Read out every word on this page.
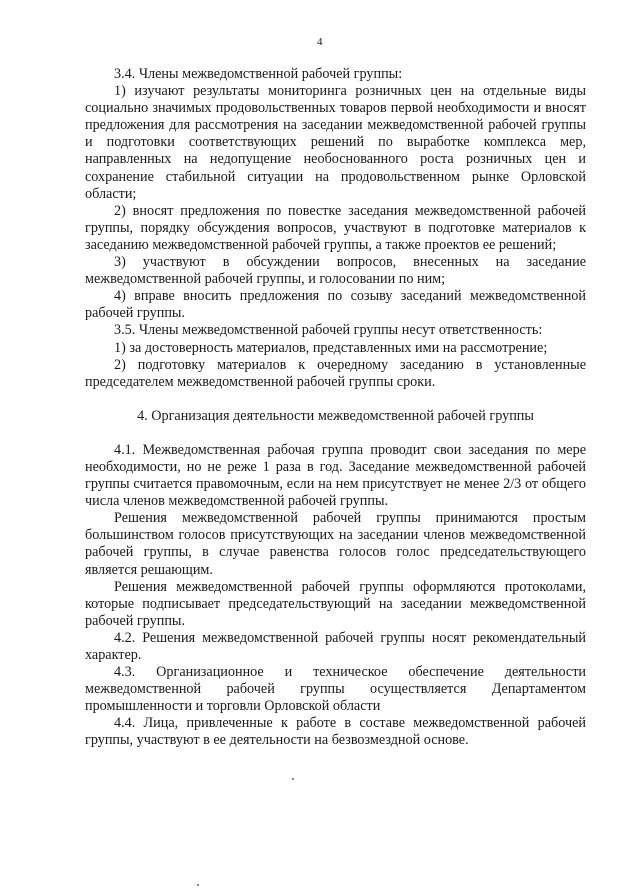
4

3.4. Члены межведомственной рабочей группы:

1) изучают результаты мониторинга розничных цен на отдельные виды социально значимых продовольственных товаров первой необходимости и вносят предложения для рассмотрения на заседании межведомственной рабочей группы и подготовки соответствующих решений по выработке комплекса мер, направленных на недопущение необоснованного роста розничных цен и сохранение стабильной ситуации на продовольственном рынке Орловской области;

2) вносят предложения по повестке заседания межведомственной рабочей группы, порядку обсуждения вопросов, участвуют в подготовке материалов к заседанию межведомственной рабочей группы, а также проектов ее решений;

3) участвуют в обсуждении вопросов, внесенных на заседание межведомственной рабочей группы, и голосовании по ним;

4) вправе вносить предложения по созыву заседаний межведомственной рабочей группы.

3.5. Члены межведомственной рабочей группы несут ответственность:

1) за достоверность материалов, представленных ими на рассмотрение;

2) подготовку материалов к очередному заседанию в установленные председателем межведомственной рабочей группы сроки.

4. Организация деятельности межведомственной рабочей группы

4.1. Межведомственная рабочая группа проводит свои заседания по мере необходимости, но не реже 1 раза в год. Заседание межведомственной рабочей группы считается правомочным, если на нем присутствует не менее 2/3 от общего числа членов межведомственной рабочей группы.

Решения межведомственной рабочей группы принимаются простым большинством голосов присутствующих на заседании членов межведомственной рабочей группы, в случае равенства голосов голос председательствующего является решающим.

Решения межведомственной рабочей группы оформляются протоколами, которые подписывает председательствующий на заседании межведомственной рабочей группы.

4.2. Решения межведомственной рабочей группы носят рекомендательный характер.

4.3. Организационное и техническое обеспечение деятельности межведомственной рабочей группы осуществляется Департаментом промышленности и торговли Орловской области

4.4. Лица, привлеченные к работе в составе межведомственной рабочей группы, участвуют в ее деятельности на безвозмездной основе.
